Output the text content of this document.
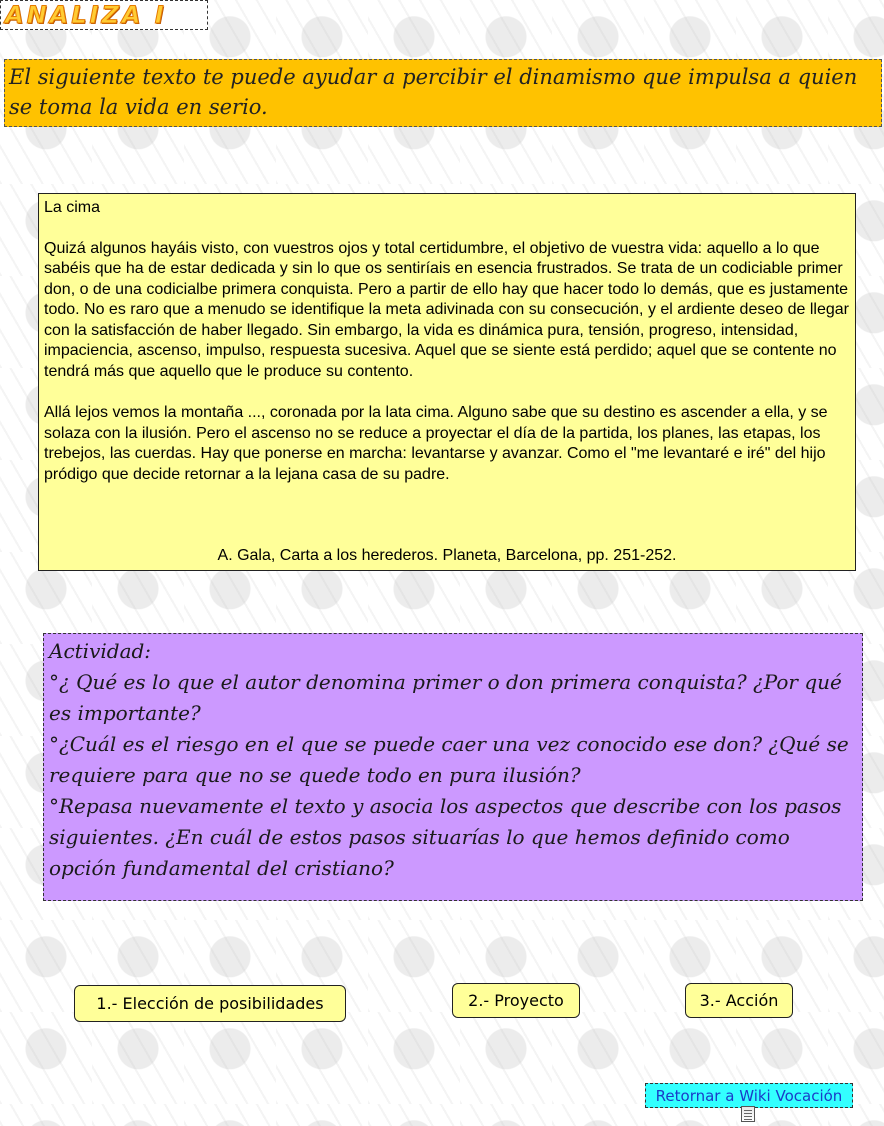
ANALIZA I
El siguiente texto te puede ayudar a percibir el dinamismo que impulsa a quien se toma la vida en serio.

La cima

Quizá algunos hayáis visto, con vuestros ojos y total certidumbre, el objetivo de vuestra vida: aquello a lo que sabéis que ha de estar dedicada y sin lo que os sentiríais en esencia frustrados. Se trata de un codiciable primer don, o de una codicialbe primera conquista. Pero a partir de ello hay que hacer todo lo demás, que es justamente todo. No es raro que a menudo se identifique la meta adivinada con su consecución, y el ardiente deseo de llegar con la satisfacción de haber llegado. Sin embargo, la vida es dinámica pura, tensión, progreso, intensidad, impaciencia, ascenso, impulso, respuesta sucesiva. Aquel que se siente está perdido; aquel que se contente no tendrá más que aquello que le produce su contento.

Allá lejos vemos la montaña ..., coronada por la lata cima. Alguno sabe que su destino es ascender a ella, y se solaza con la ilusión. Pero el ascenso no se reduce a proyectar el día de la partida, los planes, las etapas, los trebejos, las cuerdas. Hay que ponerse en marcha: levantarse y avanzar. Como el "me levantaré e iré" del hijo pródigo que decide retornar a la lejana casa de su padre.

A. Gala, Carta a los herederos. Planeta, Barcelona, pp. 251-252.

Actividad:

°¿ Qué es lo que el autor denomina primer o don primera conquista? ¿Por qué es importante?

°¿Cuál es el riesgo en el que se puede caer una vez conocido ese don? ¿Qué se requiere para que no se quede todo en pura ilusión?

°Repasa nuevamente el texto y asocia los aspectos que describe con los pasos siguientes. ¿En cuál de estos pasos situarías lo que hemos definido como opción fundamental del cristiano?

1.- Elección de posibilidades	2.- Proyecto	3.- Acción
Retornar a Wiki Vocación
